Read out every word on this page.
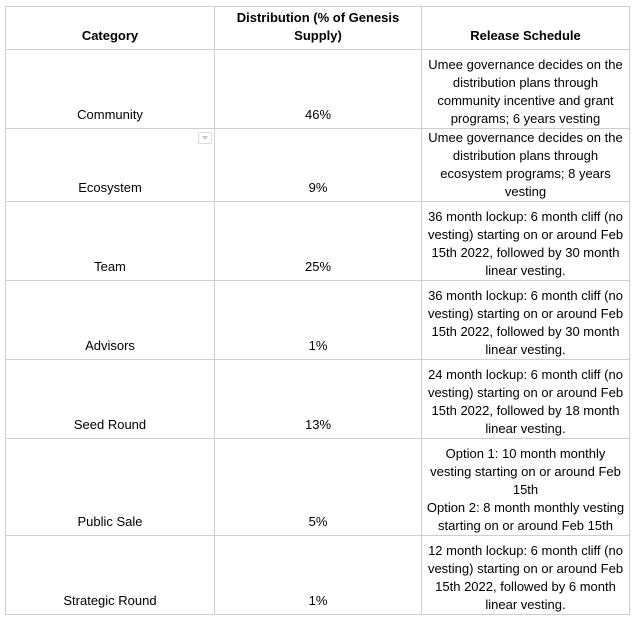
Category	Distribution (% of Genesis Supply)	Release Schedule
Community	46%	Umee governance decides on the distribution plans through community incentive and grant programs; 6 years vesting

Ecosystem	9%	Umee governance decides on the distribution plans through ecosystem programs; 8 years vesting
Team	25%	36 month lockup: 6 month cliff (no vesting) starting on or around Feb 15th 2022, followed by 30 month linear vesting.
Advisors	1%	36 month lockup: 6 month cliff (no vesting) starting on or around Feb 15th 2022, followed by 30 month linear vesting.
Seed Round	13%	24 month lockup: 6 month cliff (no vesting) starting on or around Feb 15th 2022, followed by 18 month linear vesting.
Public Sale	5%	Option 1: 10 month monthly vesting starting on or around Feb 15th
Option 2: 8 month monthly vesting starting on or around Feb 15th
Strategic Round	1%	12 month lockup: 6 month cliff (no vesting) starting on or around Feb 15th 2022, followed by 6 month linear vesting.
